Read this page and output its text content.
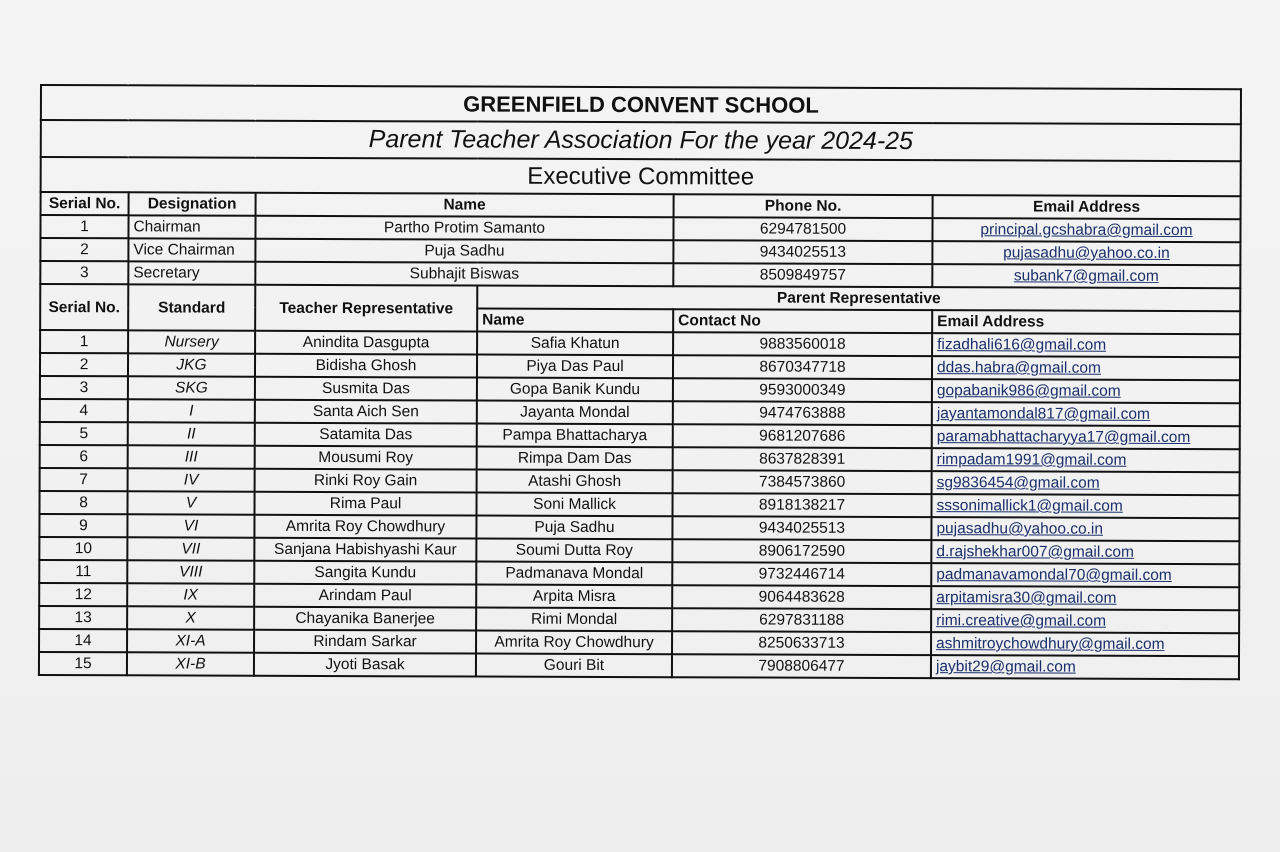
GREENFIELD CONVENT SCHOOL					
Parent Teacher Association For the year 2024-25					
Executive Committee					
Serial No.	Designation	Name		Phone No.	Email Address
1	Chairman	Partho Protim Samanto		6294781500	principal.gcshabra@gmail.com
2	Vice Chairman	Puja Sadhu		9434025513	pujasadhu@yahoo.co.in
3	Secretary	Subhajit Biswas		8509849757	subank7@gmail.com
Serial No.	Standard	Teacher Representative	Parent Representative		
			Name	Contact No	Email Address
1	Nursery	Anindita Dasgupta	Safia Khatun	9883560018	fizadhali616@gmail.com
2	JKG	Bidisha Ghosh	Piya Das Paul	8670347718	ddas.habra@gmail.com
3	SKG	Susmita Das	Gopa Banik Kundu	9593000349	gopabanik986@gmail.com
4	I	Santa Aich Sen	Jayanta Mondal	9474763888	jayantamondal817@gmail.com
5	II	Satamita Das	Pampa Bhattacharya	9681207686	paramabhattacharyya17@gmail.com
6	III	Mousumi Roy	Rimpa Dam Das	8637828391	rimpadam1991@gmail.com
7	IV	Rinki Roy Gain	Atashi Ghosh	7384573860	sg9836454@gmail.com
8	V	Rima Paul	Soni Mallick	8918138217	sssonimallick1@gmail.com
9	VI	Amrita Roy Chowdhury	Puja Sadhu	9434025513	pujasadhu@yahoo.co.in
10	VII	Sanjana Habishyashi Kaur	Soumi Dutta Roy	8906172590	d.rajshekhar007@gmail.com
11	VIII	Sangita Kundu	Padmanava Mondal	9732446714	padmanavamondal70@gmail.com
12	IX	Arindam Paul	Arpita Misra	9064483628	arpitamisra30@gmail.com
13	X	Chayanika Banerjee	Rimi Mondal	6297831188	rimi.creative@gmail.com
14	XI-A	Rindam Sarkar	Amrita Roy Chowdhury	8250633713	ashmitroychowdhury@gmail.com
15	XI-B	Jyoti Basak	Gouri Bit	7908806477	jaybit29@gmail.com
